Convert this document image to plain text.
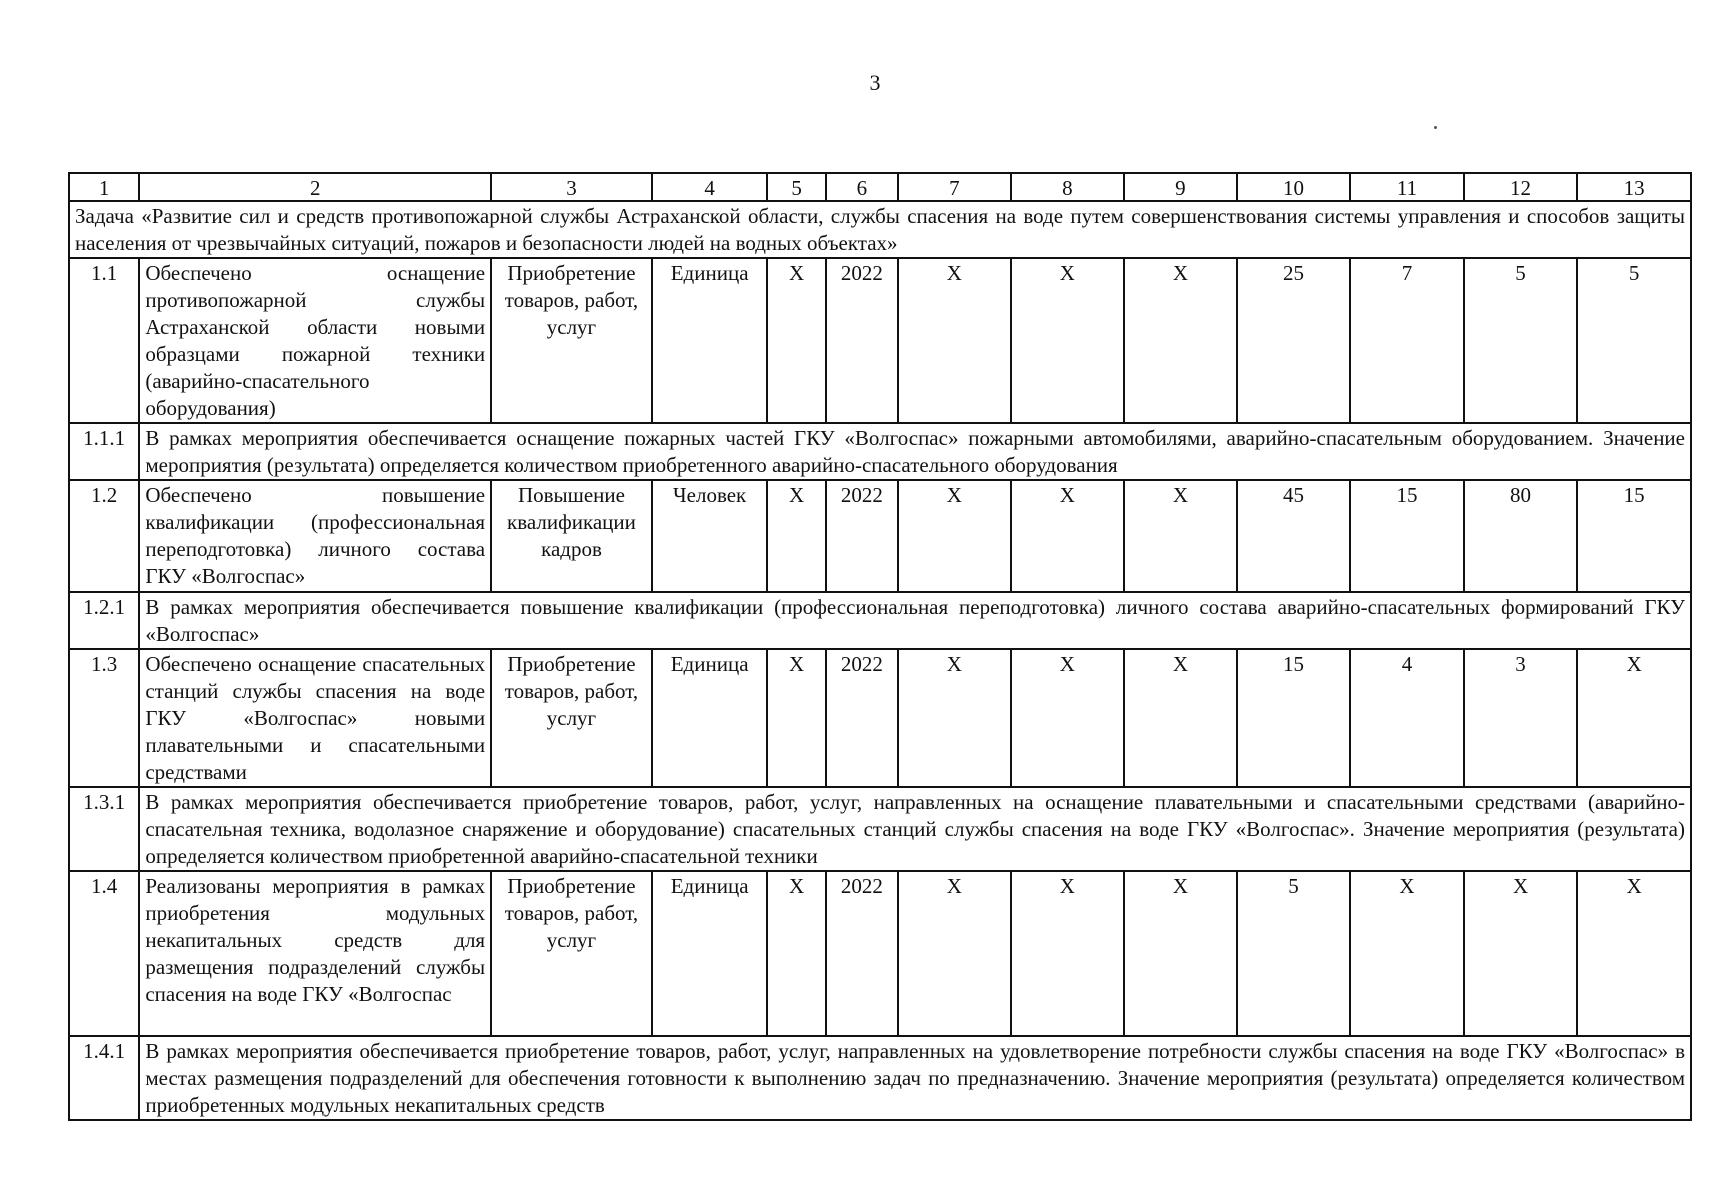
3
1	2	3	4	5	6	7	8	9	10	11	12	13
Задача «Развитие сил и средств противопожарной службы Астраханской области, службы спасения на воде путем совершенствования системы управления и способов защиты населения от чрезвычайных ситуаций, пожаров и безопасности людей на водных объектах»												
1.1	Обеспечено оснащение противопожарной службы Астраханской области новыми образцами пожарной техники (аварийно-спасательного оборудования)	Приобретение товаров, работ, услуг	Единица	Х	2022	Х	Х	Х	25	7	5	5
1.1.1	В рамках мероприятия обеспечивается оснащение пожарных частей ГКУ «Волгоспас» пожарными автомобилями, аварийно-спасательным оборудованием. Значение мероприятия (результата) определяется количеством приобретенного аварийно-спасательного оборудования											
1.2	Обеспечено повышение квалификации (профессиональная переподготовка) личного состава ГКУ «Волгоспас»	Повышение квалификации кадров	Человек	Х	2022	Х	Х	Х	45	15	80	15
1.2.1	В рамках мероприятия обеспечивается повышение квалификации (профессиональная переподготовка) личного состава аварийно-спасательных формирований ГКУ «Волгоспас»											
1.3	Обеспечено оснащение спасательных станций службы спасения на воде ГКУ «Волгоспас» новыми плавательными и спасательными средствами	Приобретение товаров, работ, услуг	Единица	Х	2022	Х	Х	Х	15	4	3	Х
1.3.1	В рамках мероприятия обеспечивается приобретение товаров, работ, услуг, направленных на оснащение плавательными и спасательными средствами (аварийно-спасательная техника, водолазное снаряжение и оборудование) спасательных станций службы спасения на воде ГКУ «Волгоспас». Значение мероприятия (результата) определяется количеством приобретенной аварийно-спасательной техники											
1.4	Реализованы мероприятия в рамках приобретения модульных некапитальных средств для размещения подразделений службы спасения на воде ГКУ «Волгоспас	Приобретение товаров, работ, услуг	Единица	Х	2022	Х	Х	Х	5	Х	Х	Х
1.4.1	В рамках мероприятия обеспечивается приобретение товаров, работ, услуг, направленных на удовлетворение потребности службы спасения на воде ГКУ «Волгоспас» в местах размещения подразделений для обеспечения готовности к выполнению задач по предназначению. Значение мероприятия (результата) определяется количеством приобретенных модульных некапитальных средств											
